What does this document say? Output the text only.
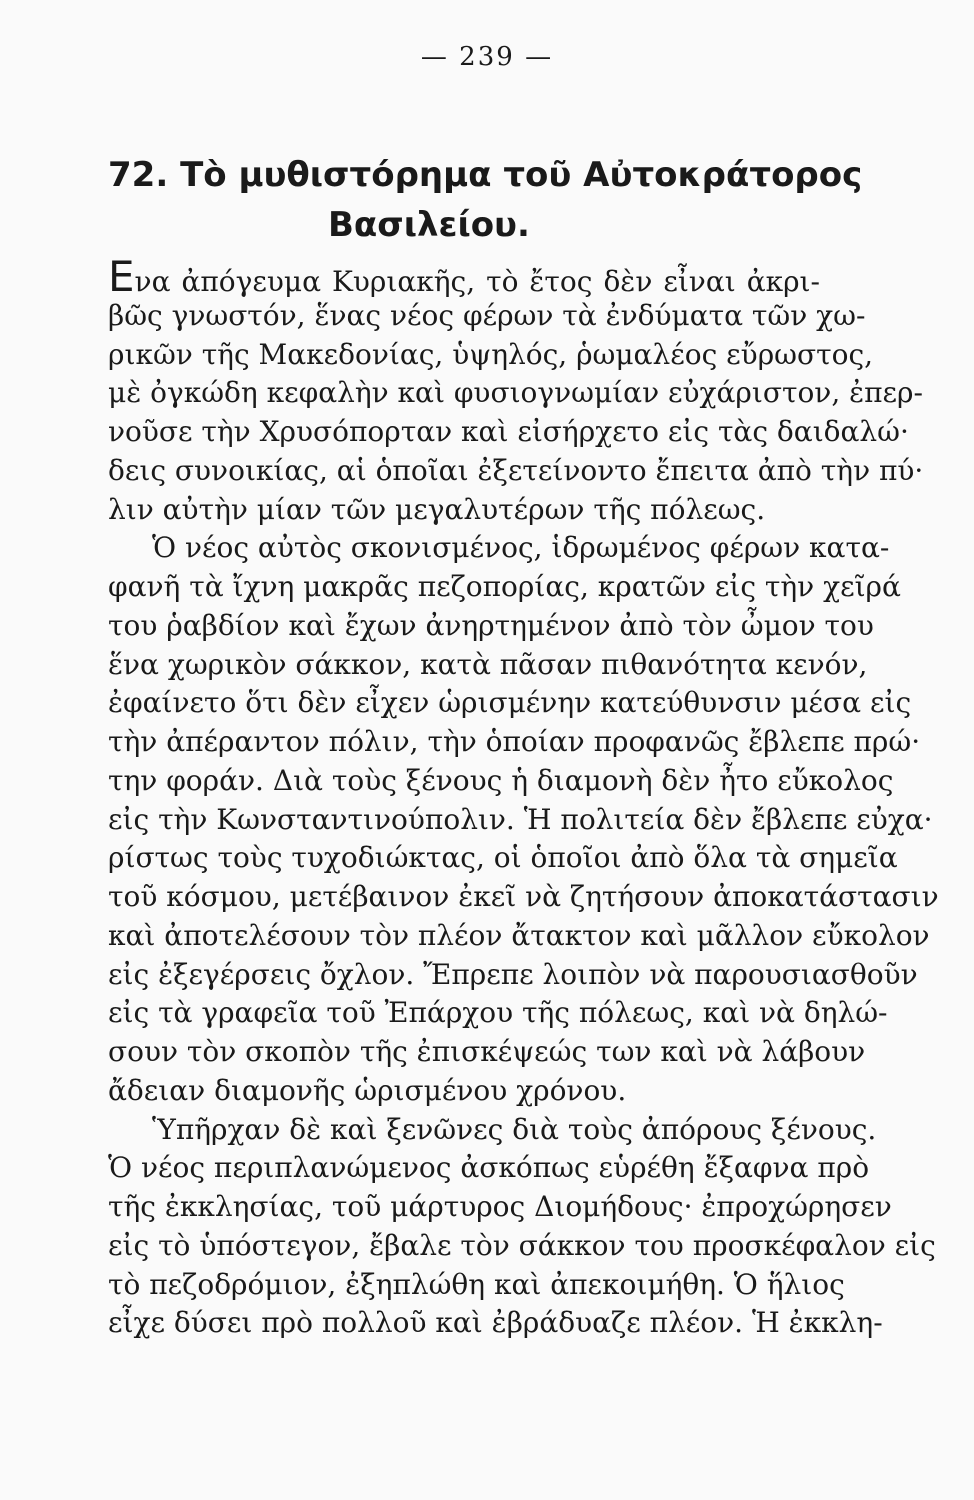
— 239 —
72. Τὸ μυθιστόρημα τοῦ Αὐτοκράτορος
Βασιλείου.
Ενα ἀπόγευμα Κυριακῆς, τὸ ἔτος δὲν εἶναι ἀκρι-
βῶς γνωστόν, ἕνας νέος φέρων τὰ ἐνδύματα τῶν χω-
ρικῶν τῆς Μακεδονίας, ὑψηλός, ῥωμαλέος εὔρωστος,
μὲ ὀγκώδη κεφαλὴν καὶ φυσιογνωμίαν εὐχάριστον, ἐπερ-
νοῦσε τὴν Χρυσόπορταν καὶ εἰσήρχετο εἰς τὰς δαιδαλώ·
δεις συνοικίας, αἱ ὁποῖαι ἐξετείνοντο ἔπειτα ἀπὸ τὴν πύ·
λιν αὐτὴν μίαν τῶν μεγαλυτέρων τῆς πόλεως.
Ὁ νέος αὐτὸς σκονισμένος, ἱδρωμένος φέρων κατα-
φανῆ τὰ ἴχνη μακρᾶς πεζοπορίας, κρατῶν εἰς τὴν χεῖρά
του ῥαβδίον καὶ ἔχων ἀνηρτημένον ἀπὸ τὸν ὦμον του
ἕνα χωρικὸν σάκκον, κατὰ πᾶσαν πιθανότητα κενόν,
ἐφαίνετο ὅτι δὲν εἶχεν ὡρισμένην κατεύθυνσιν μέσα εἰς
τὴν ἀπέραντον πόλιν, τὴν ὁποίαν προφανῶς ἔβλεπε πρώ·
την φοράν. Διὰ τοὺς ξένους ἡ διαμονὴ δὲν ἦτο εὔκολος
εἰς τὴν Κωνσταντινούπολιν. Ἡ πολιτεία δὲν ἔβλεπε εὐχα·
ρίστως τοὺς τυχοδιώκτας, οἱ ὁποῖοι ἀπὸ ὅλα τὰ σημεῖα
τοῦ κόσμου, μετέβαινον ἐκεῖ νὰ ζητήσουν ἀποκατάστασιν
καὶ ἀποτελέσουν τὸν πλέον ἄτακτον καὶ μᾶλλον εὔκολον
εἰς ἐξεγέρσεις ὄχλον. Ἔπρεπε λοιπὸν νὰ παρουσιασθοῦν
εἰς τὰ γραφεῖα τοῦ Ἐπάρχου τῆς πόλεως, καὶ νὰ δηλώ-
σουν τὸν σκοπὸν τῆς ἐπισκέψεώς των καὶ νὰ λάβουν
ἄδειαν διαμονῆς ὡρισμένου χρόνου.
Ὑπῆρχαν δὲ καὶ ξενῶνες διὰ τοὺς ἀπόρους ξένους.
Ὁ νέος περιπλανώμενος ἀσκόπως εὑρέθη ἔξαφνα πρὸ
τῆς ἐκκλησίας, τοῦ μάρτυρος Διομήδους· ἐπροχώρησεν
εἰς τὸ ὑπόστεγον, ἔβαλε τὸν σάκκον του προσκέφαλον εἰς
τὸ πεζοδρόμιον, ἐξηπλώθη καὶ ἀπεκοιμήθη. Ὁ ἥλιος
εἶχε δύσει πρὸ πολλοῦ καὶ ἐβράδυαζε πλέον. Ἡ ἐκκλη-
